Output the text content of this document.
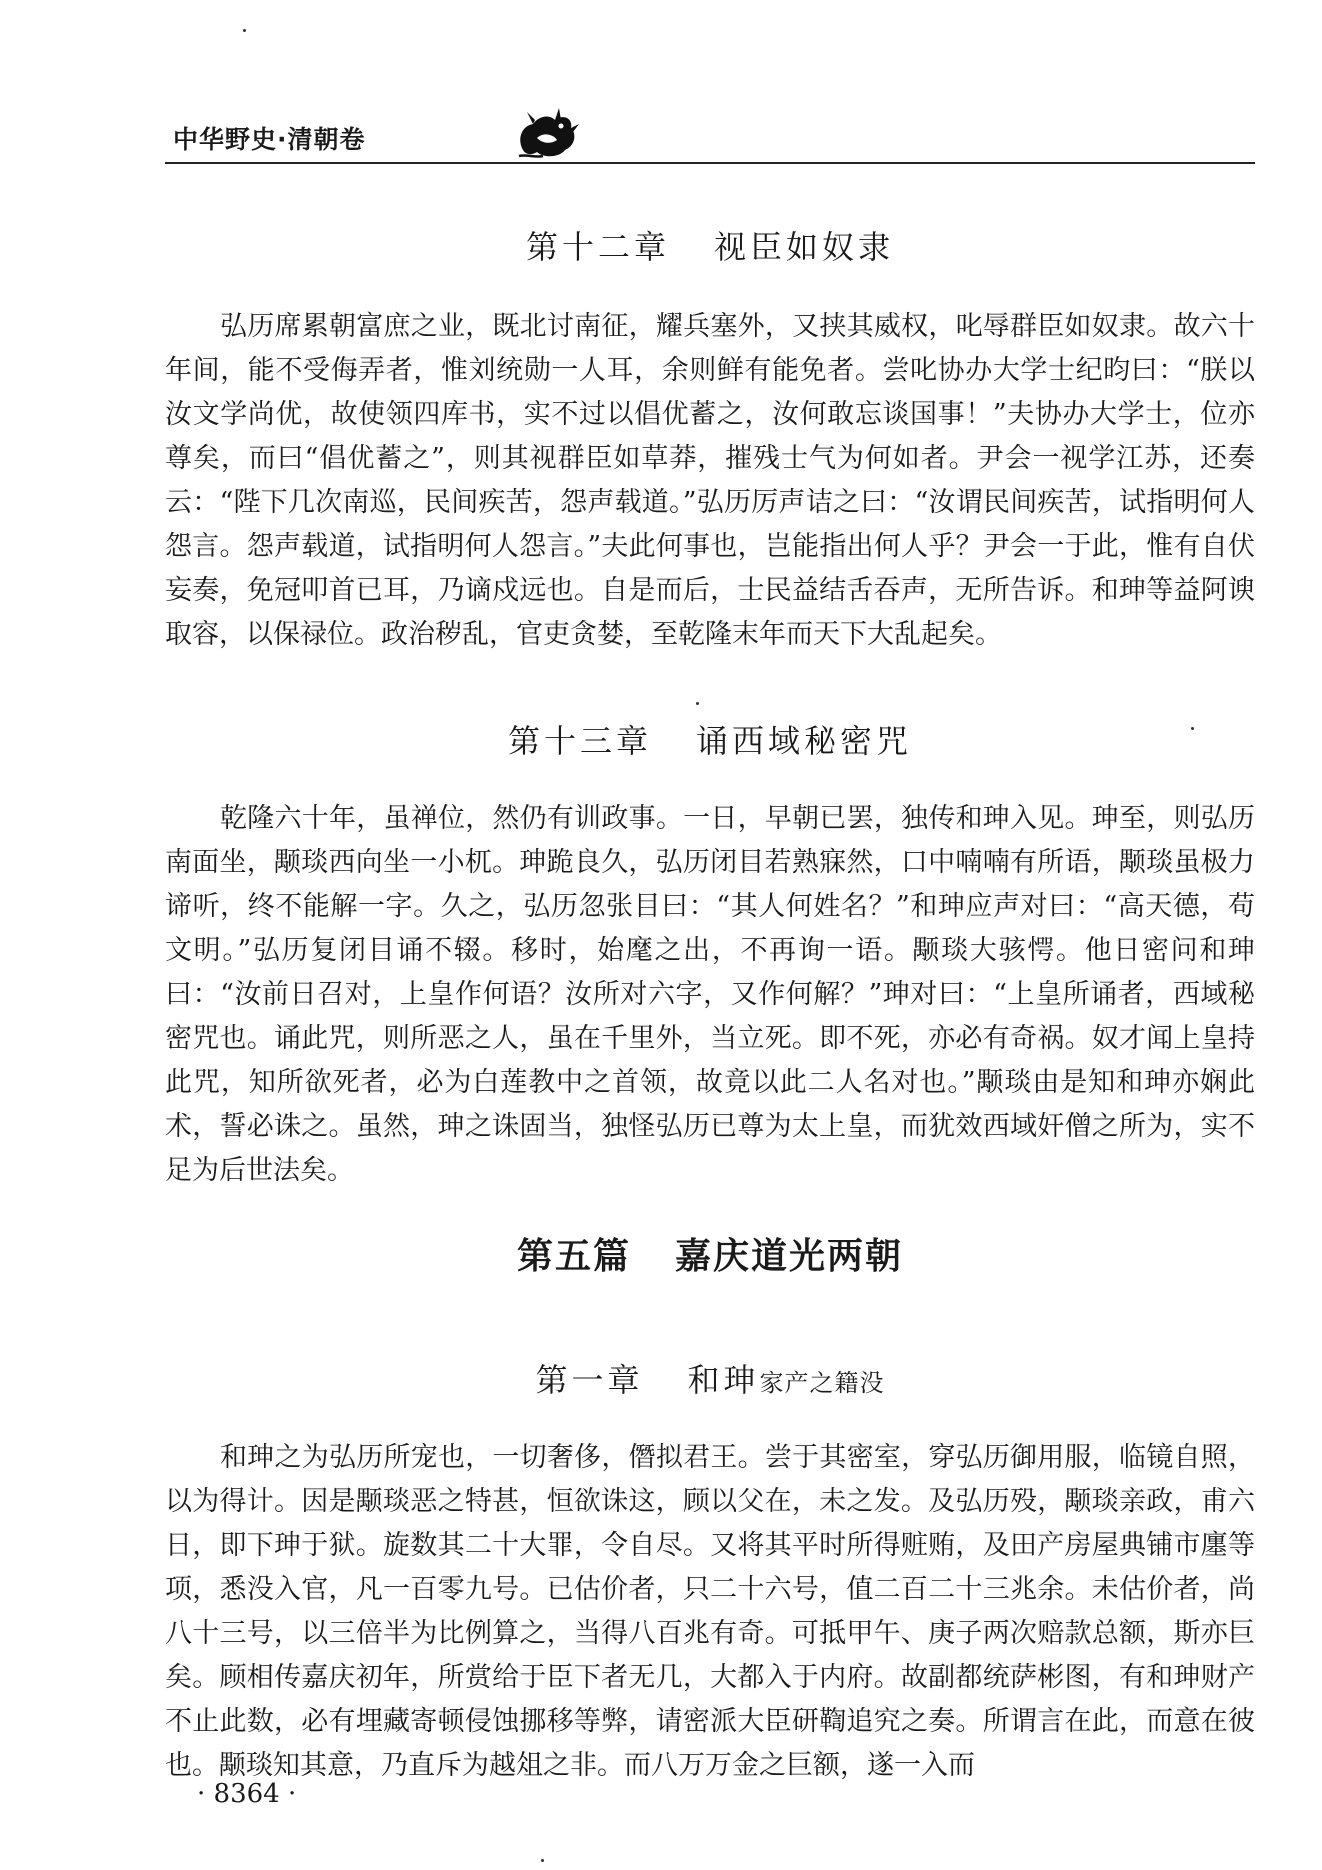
中华野史·清朝卷
第十二章 视臣如奴隶

弘历席累朝富庶之业，既北讨南征，耀兵塞外，又挟其威权，叱辱群臣如奴隶。故六十年间，能不受侮弄者，惟刘统勋一人耳，余则鲜有能免者。尝叱协办大学士纪昀曰：“朕以汝文学尚优，故使领四库书，实不过以倡优蓄之，汝何敢忘谈国事！”夫协办大学士，位亦尊矣，而曰“倡优蓄之”，则其视群臣如草莽，摧残士气为何如者。尹会一视学江苏，还奏云：“陛下几次南巡，民间疾苦，怨声载道。”弘历厉声诘之曰：“汝谓民间疾苦，试指明何人怨言。怨声载道，试指明何人怨言。”夫此何事也，岂能指出何人乎？尹会一于此，惟有自伏妄奏，免冠叩首已耳，乃谪戍远也。自是而后，士民益结舌吞声，无所告诉。和珅等益阿谀取容，以保禄位。政治秽乱，官吏贪婪，至乾隆末年而天下大乱起矣。

第十三章 诵西域秘密咒

乾隆六十年，虽禅位，然仍有训政事。一日，早朝已罢，独传和珅入见。珅至，则弘历南面坐，颙琰西向坐一小杌。珅跪良久，弘历闭目若熟寐然，口中喃喃有所语，颙琰虽极力谛听，终不能解一字。久之，弘历忽张目曰：“其人何姓名？”和珅应声对曰：“高天德，苟文明。”弘历复闭目诵不辍。移时，始麾之出，不再询一语。颙琰大骇愕。他日密问和珅曰：“汝前日召对，上皇作何语？汝所对六字，又作何解？”珅对曰：“上皇所诵者，西域秘密咒也。诵此咒，则所恶之人，虽在千里外，当立死。即不死，亦必有奇祸。奴才闻上皇持此咒，知所欲死者，必为白莲教中之首领，故竟以此二人名对也。”颙琰由是知和珅亦娴此术，誓必诛之。虽然，珅之诛固当，独怪弘历已尊为太上皇，而犹效西域奸僧之所为，实不足为后世法矣。

第五篇 嘉庆道光两朝
第一章 和珅家产之籍没

和珅之为弘历所宠也，一切奢侈，僭拟君王。尝于其密室，穿弘历御用服，临镜自照，以为得计。因是颙琰恶之特甚，恒欲诛这，顾以父在，未之发。及弘历殁，颙琰亲政，甫六日，即下珅于狱。旋数其二十大罪，令自尽。又将其平时所得赃贿，及田产房屋典铺市廛等项，悉没入官，凡一百零九号。已估价者，只二十六号，值二百二十三兆余。未估价者，尚八十三号，以三倍半为比例算之，当得八百兆有奇。可抵甲午、庚子两次赔款总额，斯亦巨矣。顾相传嘉庆初年，所赏给于臣下者无几，大都入于内府。故副都统萨彬图，有和珅财产不止此数，必有埋藏寄顿侵蚀挪移等弊，请密派大臣研鞫追究之奏。所谓言在此，而意在彼也。颙琰知其意，乃直斥为越俎之非。而八万万金之巨额，遂一入而

· 8364 ·
